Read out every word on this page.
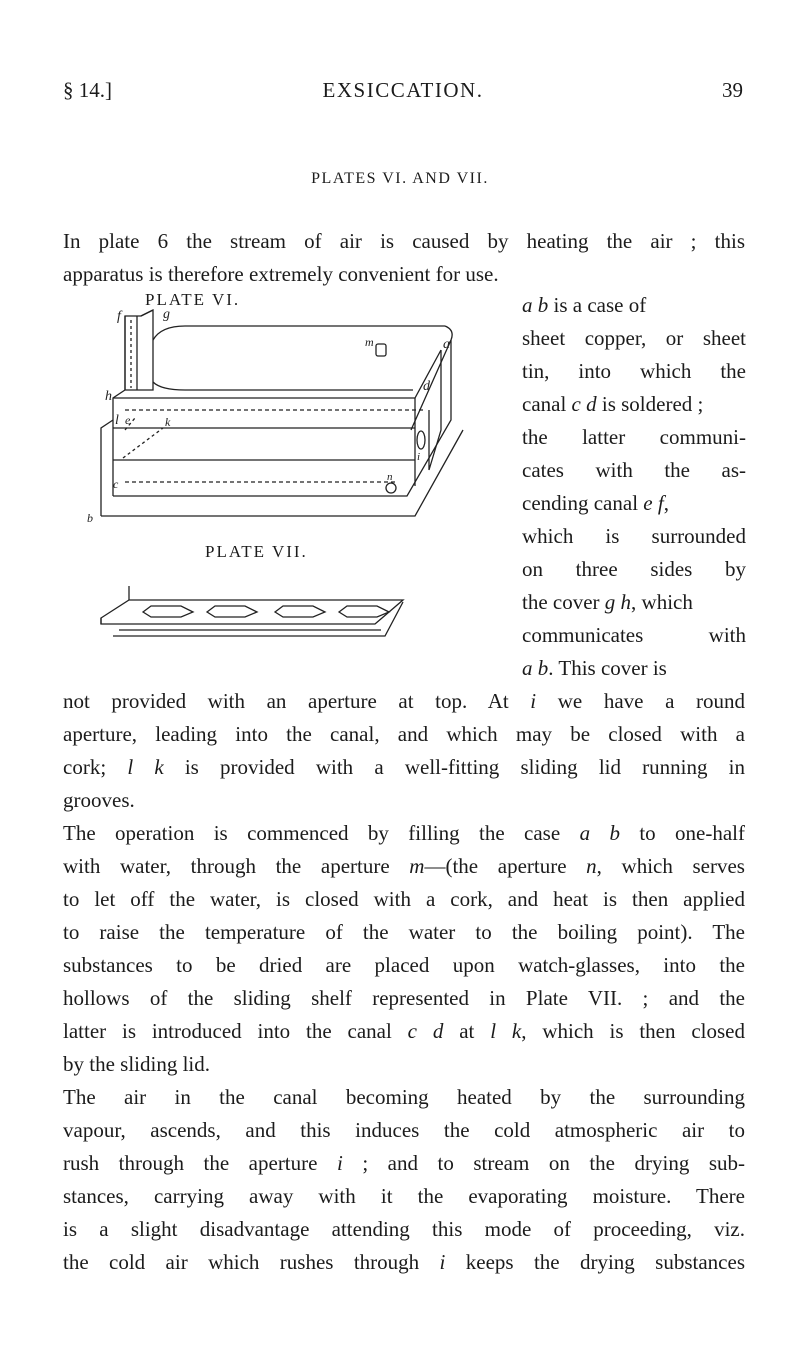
§ 14.]	EXSICCATION.	39
PLATES VI. AND VII.
In plate 6 the stream of air is caused by heating the air ; this
apparatus is therefore extremely convenient for use.
PLATE VI.
PLATE VII.
f	g
a
m
h
d
l e	k
i
c	n
b
a b is a case of
sheet copper, or sheet
tin, into which the
canal c d is soldered ;
the latter communi-
cates with the as-
cending canal e f,
which is surrounded
on three sides by
the cover g h, which
communicates with
a b. This cover is
not provided with an aperture at top. At i we have a round
aperture, leading into the canal, and which may be closed with a
cork; l k is provided with a well-fitting sliding lid running in
grooves.
The operation is commenced by filling the case a b to one-half
with water, through the aperture m—(the aperture n, which serves
to let off the water, is closed with a cork, and heat is then applied
to raise the temperature of the water to the boiling point). The
substances to be dried are placed upon watch-glasses, into the
hollows of the sliding shelf represented in Plate VII. ; and the
latter is introduced into the canal c d at l k, which is then closed
by the sliding lid.
The air in the canal becoming heated by the surrounding
vapour, ascends, and this induces the cold atmospheric air to
rush through the aperture i ; and to stream on the drying sub-
stances, carrying away with it the evaporating moisture. There
is a slight disadvantage attending this mode of proceeding, viz.
the cold air which rushes through i keeps the drying substances
